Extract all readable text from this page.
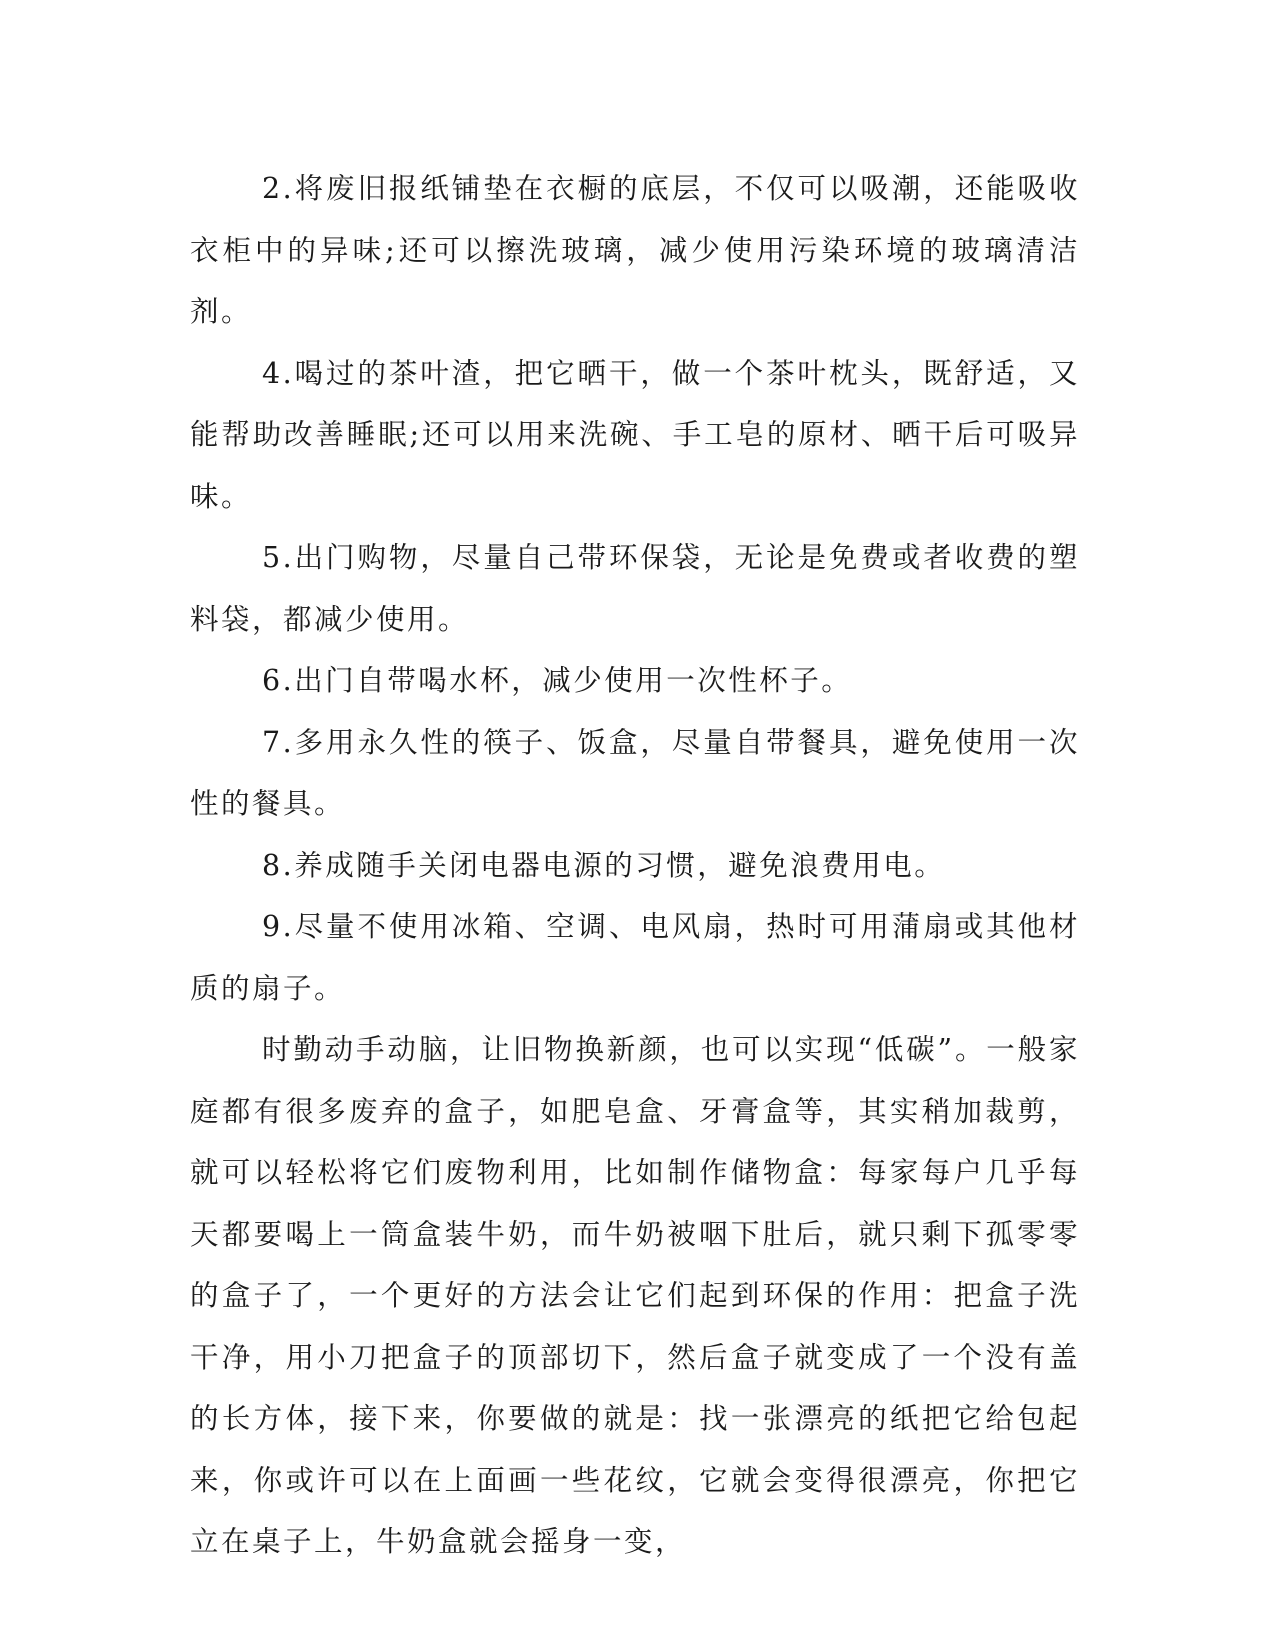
2.将废旧报纸铺垫在衣橱的底层，不仅可以吸潮，还能吸收衣柜中的异味;还可以擦洗玻璃，减少使用污染环境的玻璃清洁剂。

4.喝过的茶叶渣，把它晒干，做一个茶叶枕头，既舒适，又能帮助改善睡眠;还可以用来洗碗、手工皂的原材、晒干后可吸异味。

5.出门购物，尽量自己带环保袋，无论是免费或者收费的塑料袋，都减少使用。

6.出门自带喝水杯，减少使用一次性杯子。

7.多用永久性的筷子、饭盒，尽量自带餐具，避免使用一次性的餐具。

8.养成随手关闭电器电源的习惯，避免浪费用电。

9.尽量不使用冰箱、空调、电风扇，热时可用蒲扇或其他材质的扇子。

时勤动手动脑，让旧物换新颜，也可以实现“低碳”。一般家庭都有很多废弃的盒子，如肥皂盒、牙膏盒等，其实稍加裁剪，就可以轻松将它们废物利用，比如制作储物盒：每家每户几乎每天都要喝上一筒盒装牛奶，而牛奶被咽下肚后，就只剩下孤零零的盒子了，一个更好的方法会让它们起到环保的作用：把盒子洗干净，用小刀把盒子的顶部切下，然后盒子就变成了一个没有盖的长方体，接下来，你要做的就是：找一张漂亮的纸把它给包起来，你或许可以在上面画一些花纹，它就会变得很漂亮，你把它立在桌子上，牛奶盒就会摇身一变，
